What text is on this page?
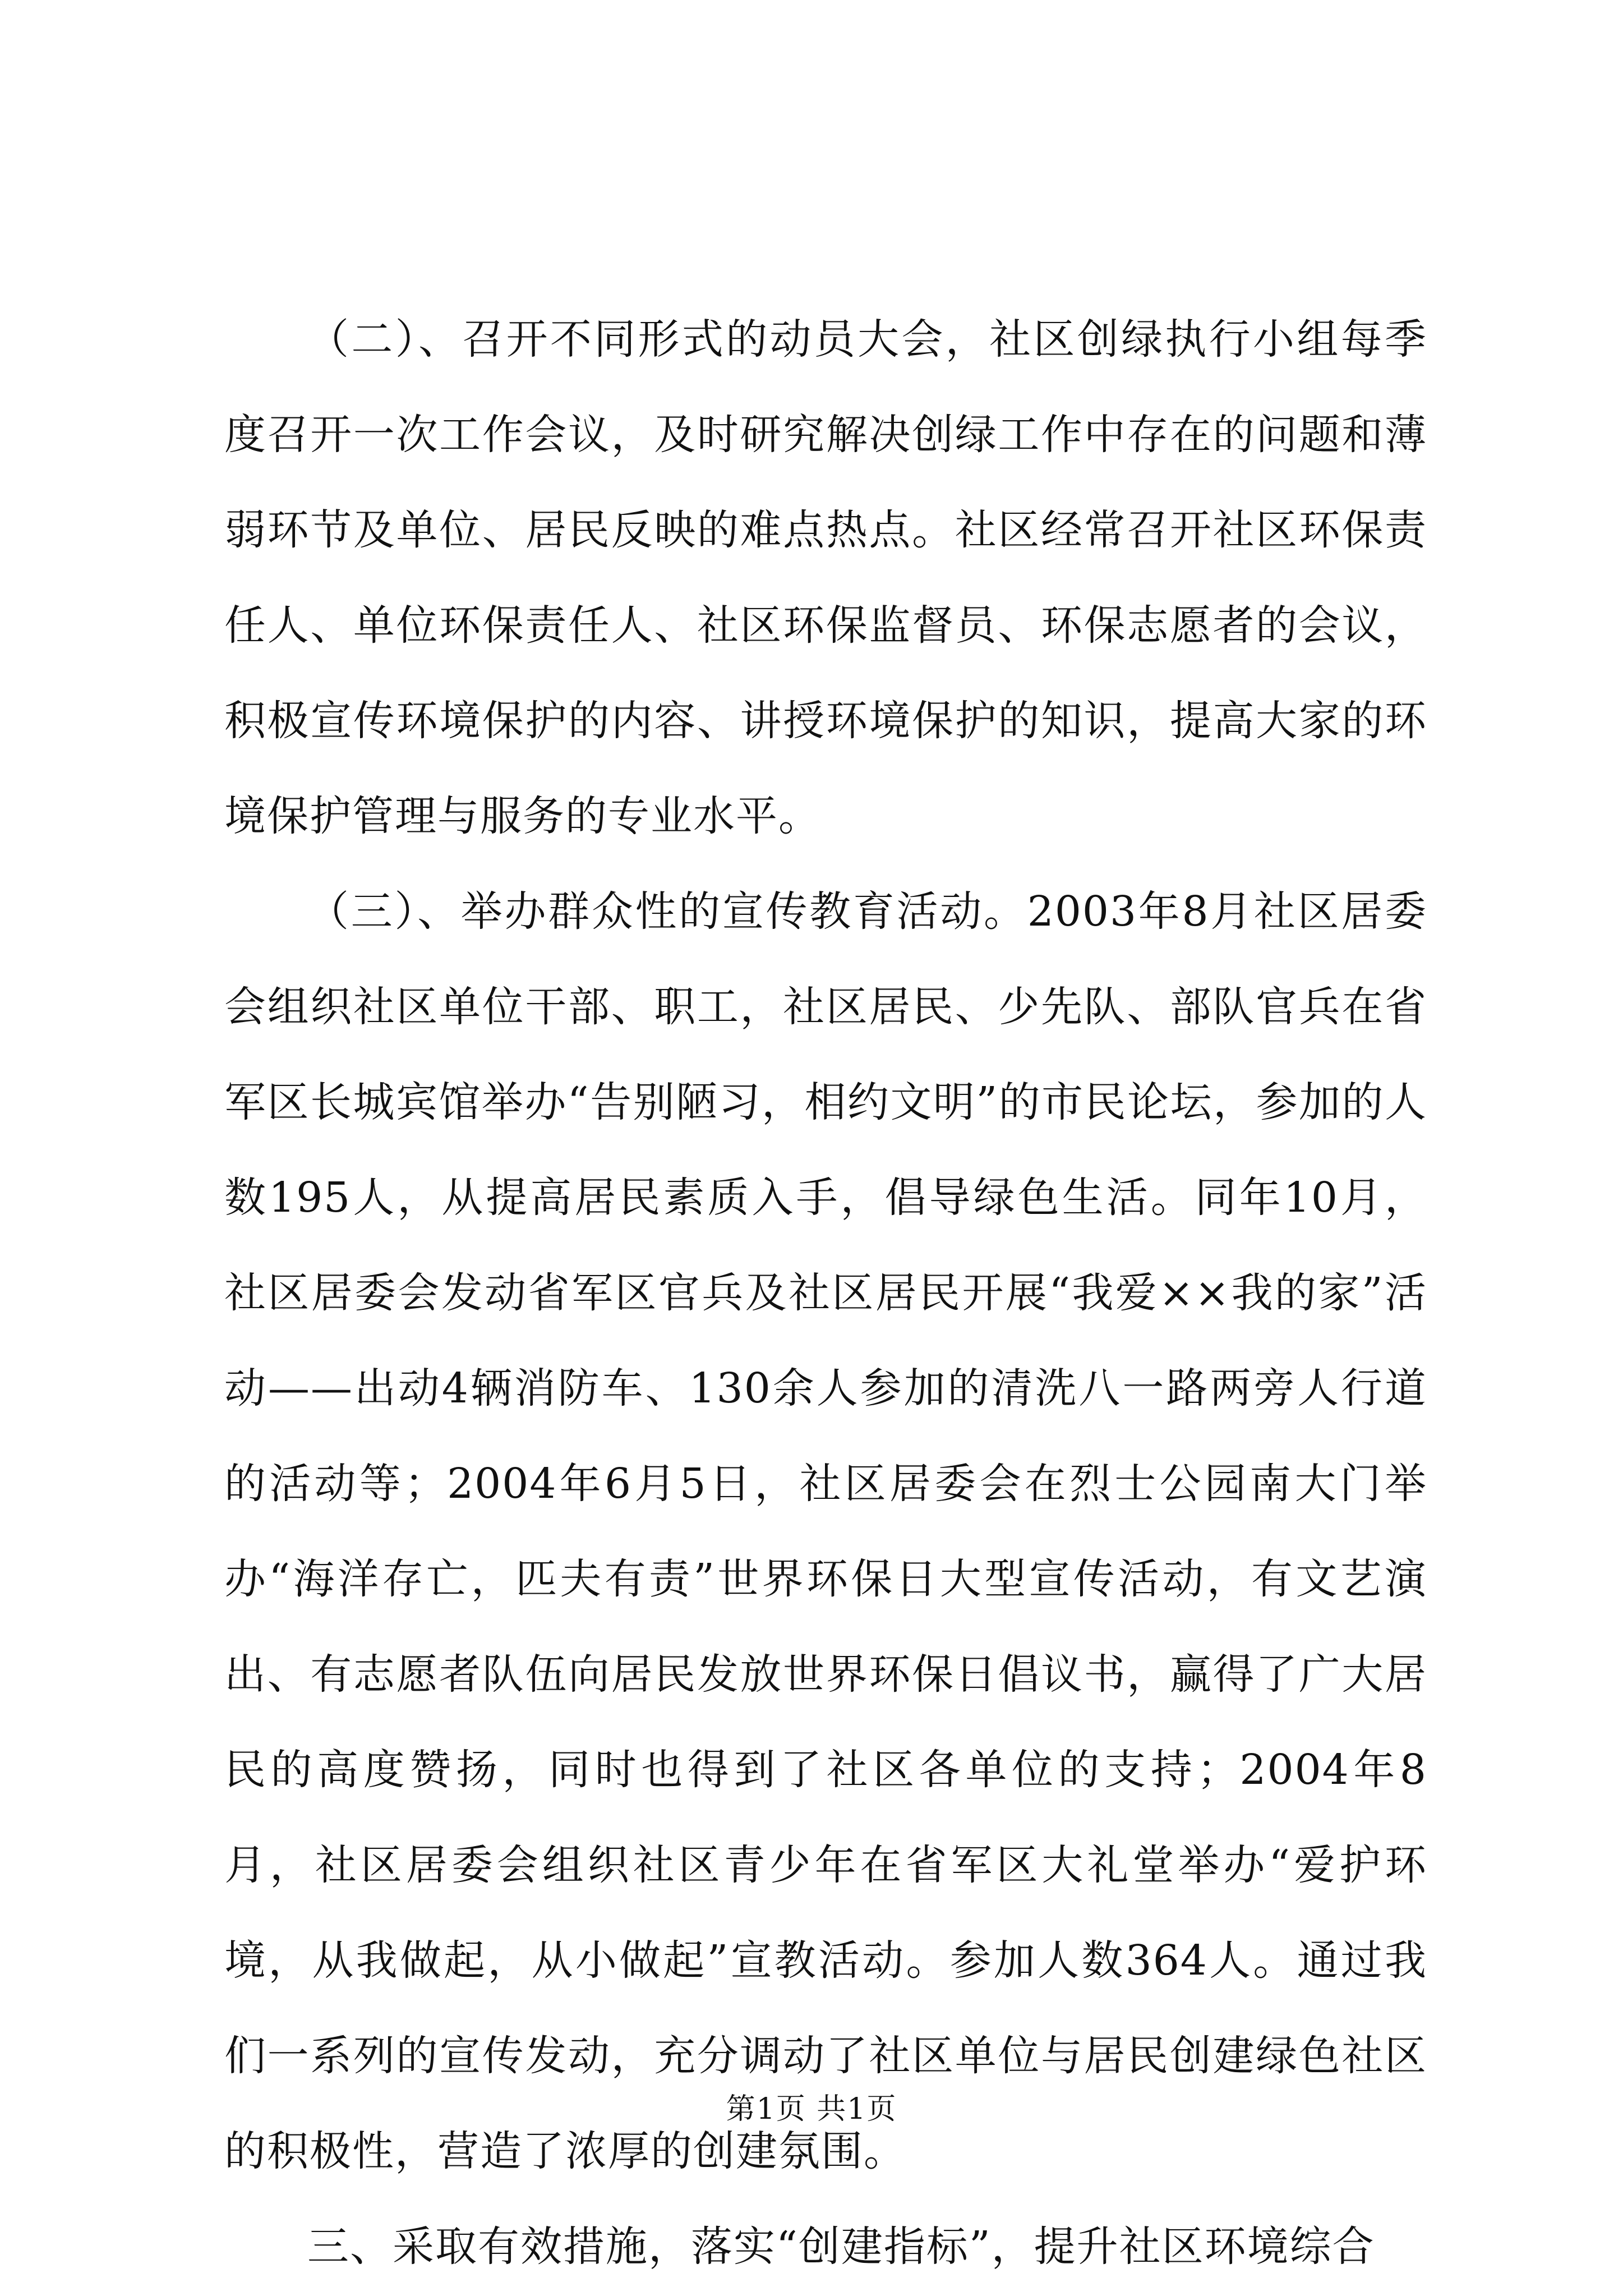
（二）、召开不同形式的动员大会，社区创绿执行小组每季度召开一次工作会议，及时研究解决创绿工作中存在的问题和薄弱环节及单位、居民反映的难点热点。社区经常召开社区环保责任人、单位环保责任人、社区环保监督员、环保志愿者的会议，积极宣传环境保护的内容、讲授环境保护的知识，提高大家的环境保护管理与服务的专业水平。

（三）、举办群众性的宣传教育活动。2003年8月社区居委会组织社区单位干部、职工，社区居民、少先队、部队官兵在省军区长城宾馆举办“告别陋习，相约文明”的市民论坛，参加的人数195人，从提高居民素质入手，倡导绿色生活。同年10月，社区居委会发动省军区官兵及社区居民开展“我爱××我的家”活动——出动4辆消防车、130余人参加的清洗八一路两旁人行道的活动等；2004年6月5日，社区居委会在烈士公园南大门举办“海洋存亡，匹夫有责”世界环保日大型宣传活动，有文艺演出、有志愿者队伍向居民发放世界环保日倡议书，赢得了广大居民的高度赞扬，同时也得到了社区各单位的支持；2004年8月，社区居委会组织社区青少年在省军区大礼堂举办“爱护环境，从我做起，从小做起”宣教活动。参加人数364人。通过我们一系列的宣传发动，充分调动了社区单位与居民创建绿色社区的积极性，营造了浓厚的创建氛围。

三、采取有效措施，落实“创建指标”，提升社区环境综合

第1页 共1页
